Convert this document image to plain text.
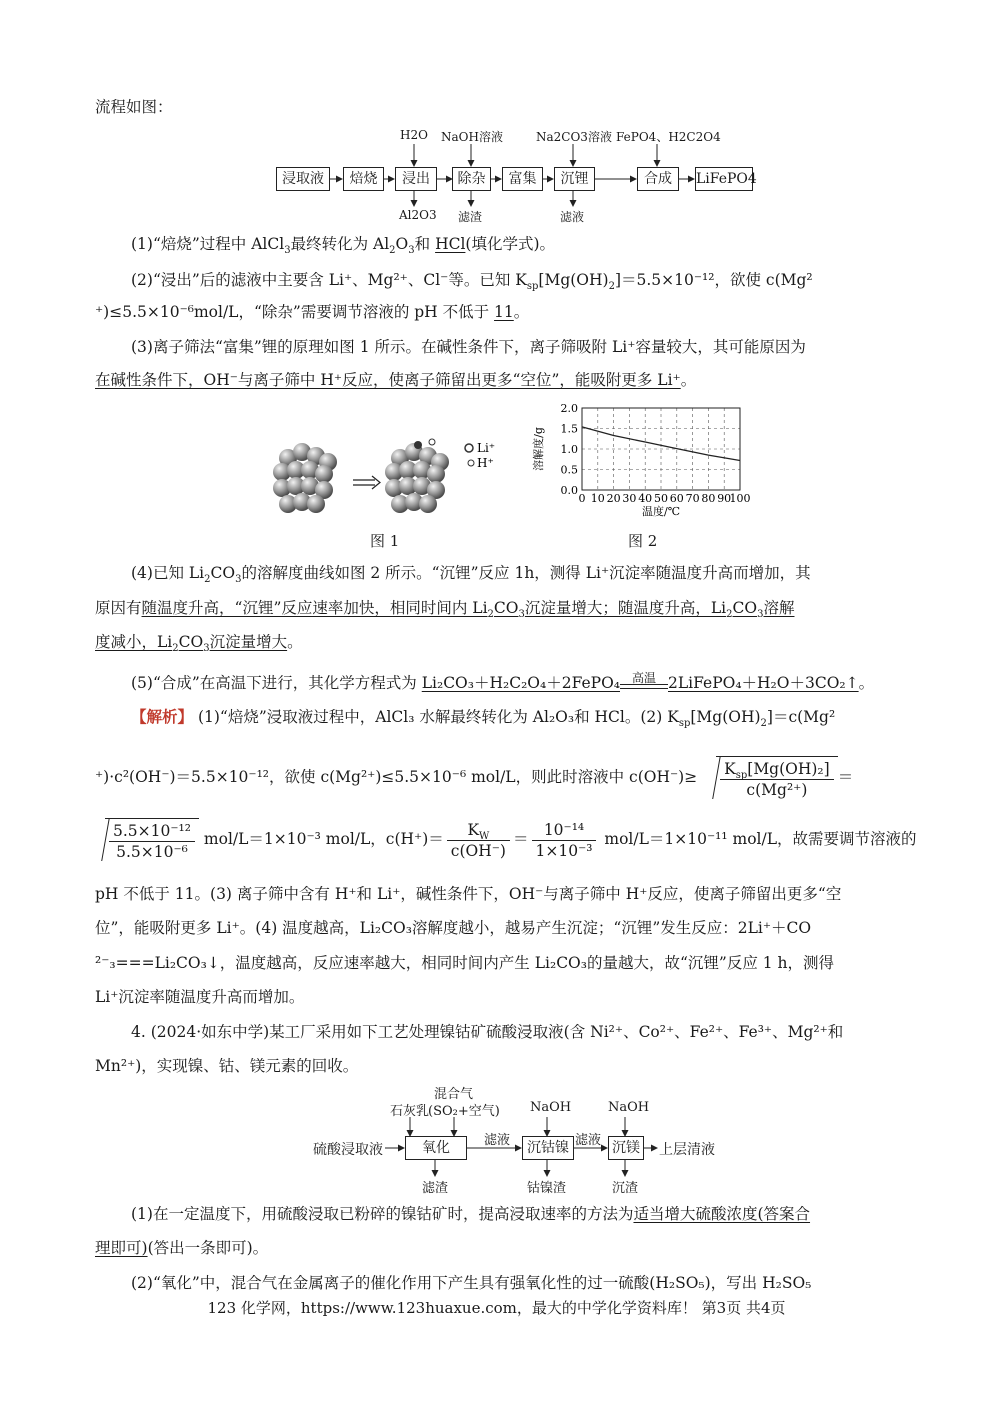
流程如图：
浸取液	焙烧	浸出	除杂	富集	沉锂	合成	LiFePO4
H2O NaOH溶液	Na2CO3溶液 FePO4、H2C2O4
Al2O3 滤渣	滤液
(1)“焙烧”过程中 AlCl$_3$最终转化为 $Al_2O_3$和 HCl(填化学式)。
(2)“浸出”后的滤液中主要含 Li⁺、Mg²⁺、Cl⁻等。已知 $K_{sp}[Mg(OH)_2]=5.5\times 10^{-12}$，欲使 c(Mg²
⁺)≤5.5×10⁻⁶mol/L，“除杂”需要调节溶液的 pH 不低于 11。
(3)离子筛法“富集”锂的原理如图 1 所示。在碱性条件下，离子筛吸附 Li⁺容量较大，其可能原因为
在碱性条件下，OH⁻与离子筛中 H⁺反应，使离子筛留出更多“空位”，能吸附更多 Li⁺。
Li⁺
H⁺
图 1
2.0
1.5
1.0
0.5
0.0
0 10 20 30 40 50 60 70 80 90
100
溶解度/g
温度/℃
图 2
(4)已知 $Li_2CO_3$的溶解度曲线如图 2 所示。“沉锂”反应 1h，测得 Li⁺沉淀率随温度升高而增加，其
原因有随温度升高，“沉锂”反应速率加快，相同时间内 $Li_2CO_3$沉淀量增大；随温度升高，$Li_2CO_3$溶解
度减小，$Li_2CO_3$沉淀量增大。
(5)“合成”在高温下进行，其化学方程式为 Li₂CO₃＋H₂C₂O₄＋2FePO₄ 高温 2LiFePO₄＋H₂O＋3CO₂↑。
【解析】 (1)“焙烧”浸取液过程中，AlCl₃ 水解最终转化为 Al₂O₃和 HCl。(2) $K_{sp}[Mg(OH)_2]=c(Mg^2$
⁺)·c²(OH⁻)＝5.5×10⁻¹²，欲使 c(Mg²⁺)≤5.5×10⁻⁶ mol/L，则此时溶液中 $c(OH^-)\ge \frac{K_{sp}[Mg(OH)_2]}{\text{c(Mg²⁺)}}$ ＝
$\frac{\text{5.5×10⁻¹²}}{\text{5.5×10⁻⁶}} mol/L=1\times 10^{-3}$ mol/L，$c(H^+)= \frac{K_W}{c(OH^-)} = \frac{\text{10⁻¹⁴}}{\text{1×10⁻³}} mol/L=1\times 10^{-11}$ mol/L，故需要调节溶液的
pH 不低于 11。(3) 离子筛中含有 H⁺和 Li⁺，碱性条件下，OH⁻与离子筛中 H⁺反应，使离子筛留出更多“空
位”，能吸附更多 Li⁺。(4) 温度越高，Li₂CO₃溶解度越小，越易产生沉淀；“沉锂”发生反应：2Li⁺＋CO
²⁻₃===Li₂CO₃↓，温度越高，反应速率越大，相同时间内产生 Li₂CO₃的量越大，故“沉锂”反应 1 h，测得
Li⁺沉淀率随温度升高而增加。
4. (2024·如东中学)某工厂采用如下工艺处理镍钴矿硫酸浸取液(含 Ni²⁺、Co²⁺、Fe²⁺、Fe³⁺、Mg²⁺和
Mn²⁺)，实现镍、钴、镁元素的回收。
硫酸浸取液	氧化	沉钴镍	沉镁 上层清液
滤液	滤液
石灰乳
混合气
(SO₂+空气) NaOH	NaOH
滤渣	钴镍渣	沉渣
(1)在一定温度下，用硫酸浸取已粉碎的镍钴矿时，提高浸取速率的方法为适当增大硫酸浓度(答案合
理即可)(答出一条即可)。
(2)“氧化”中，混合气在金属离子的催化作用下产生具有强氧化性的过一硫酸(H₂SO₅)，写出 H₂SO₅
123 化学网，https://www.123huaxue.com，最大的中学化学资料库！ 第3页 共4页
